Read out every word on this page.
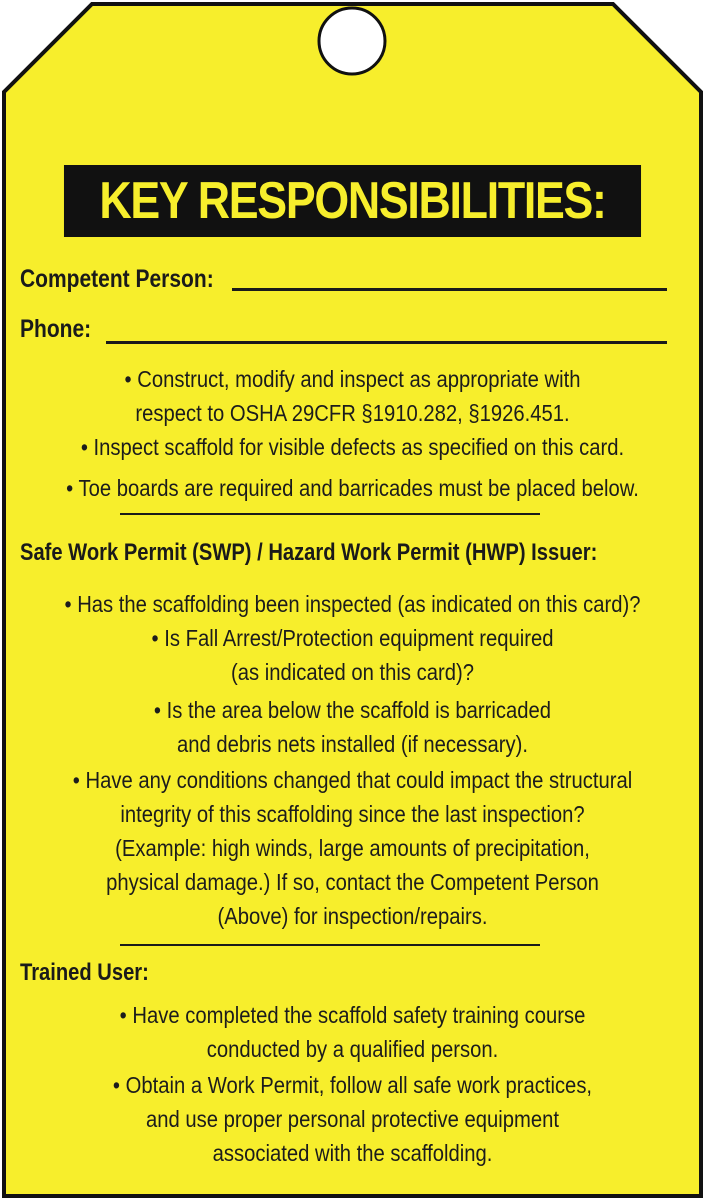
KEY RESPONSIBILITIES:
Competent Person:
Phone:
• Construct, modify and inspect as appropriate with
respect to OSHA 29CFR §1910.282, §1926.451.
• Inspect scaffold for visible defects as specified on this card.
• Toe boards are required and barricades must be placed below.
Safe Work Permit (SWP) / Hazard Work Permit (HWP) Issuer:
• Has the scaffolding been inspected (as indicated on this card)?
• Is Fall Arrest/Protection equipment required
(as indicated on this card)?
• Is the area below the scaffold is barricaded
and debris nets installed (if necessary).
• Have any conditions changed that could impact the structural
integrity of this scaffolding since the last inspection?
(Example: high winds, large amounts of precipitation,
physical damage.) If so, contact the Competent Person
(Above) for inspection/repairs.
Trained User:
• Have completed the scaffold safety training course
conducted by a qualified person.
• Obtain a Work Permit, follow all safe work practices,
and use proper personal protective equipment
associated with the scaffolding.
